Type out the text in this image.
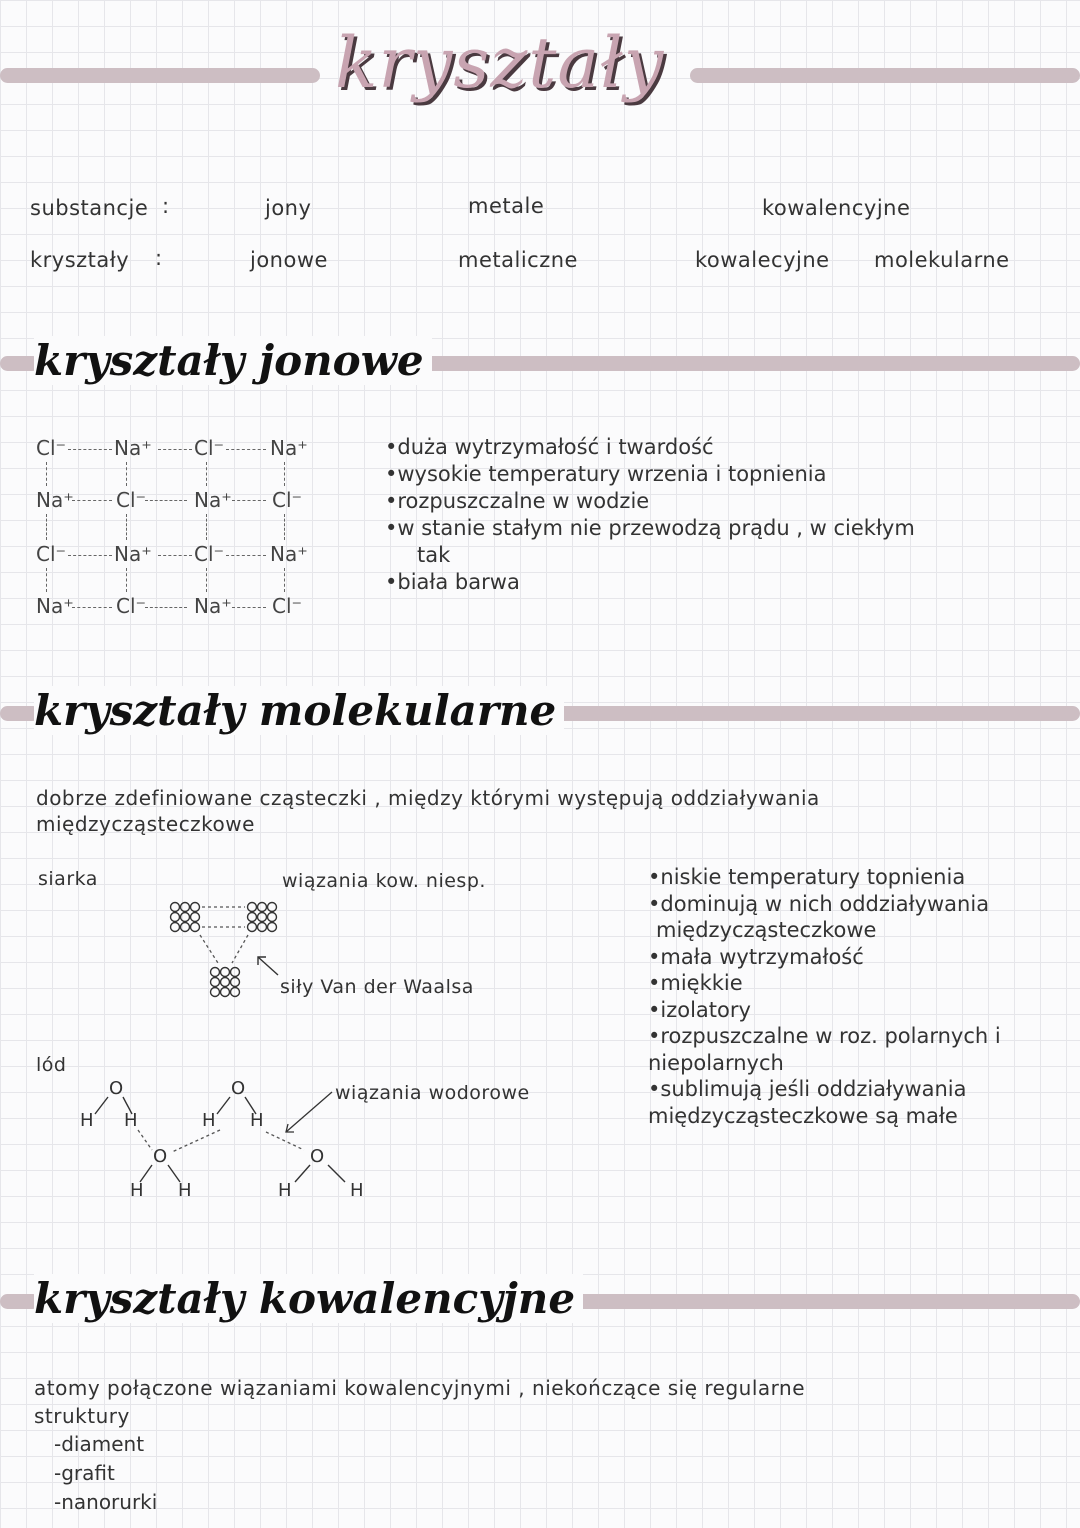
kryształy
substancje :
kryształy :
jony	metale	kowalencyjne
jonowe	metaliczne	kowalecyjne molekularne
kryształy jonowe
Cl⁻ Na⁺ Cl⁻ Na⁺
Na⁺ Cl⁻ Na⁺ Cl⁻
Cl⁻ Na⁺ Cl⁻ Na⁺
Na⁺ Cl⁻ Na⁺ Cl⁻
•duża wytrzymałość i twardość
•wysokie temperatury wrzenia i topnienia
•rozpuszczalne w wodzie
•w stanie stałym nie przewodzą prądu , w ciekłym
tak
•biała barwa
kryształy molekularne
dobrze zdefiniowane cząsteczki , między którymi występują oddziaływania
międzycząsteczkowe
siarka	wiązania kow. niesp.
siły Van der Waalsa
lód
wiązania wodorowe
O
H H
O
H H
O
H H
O
H	H
•niskie temperatury topnienia
•dominują w nich oddziaływania
międzycząsteczkowe
•mała wytrzymałość
•miękkie
•izolatory
•rozpuszczalne w roz. polarnych i
niepolarnych
•sublimują jeśli oddziaływania
międzycząsteczkowe są małe
kryształy kowalencyjne
atomy połączone wiązaniami kowalencyjnymi , niekończące się regularne
struktury
-diament
-grafit
-nanorurki
